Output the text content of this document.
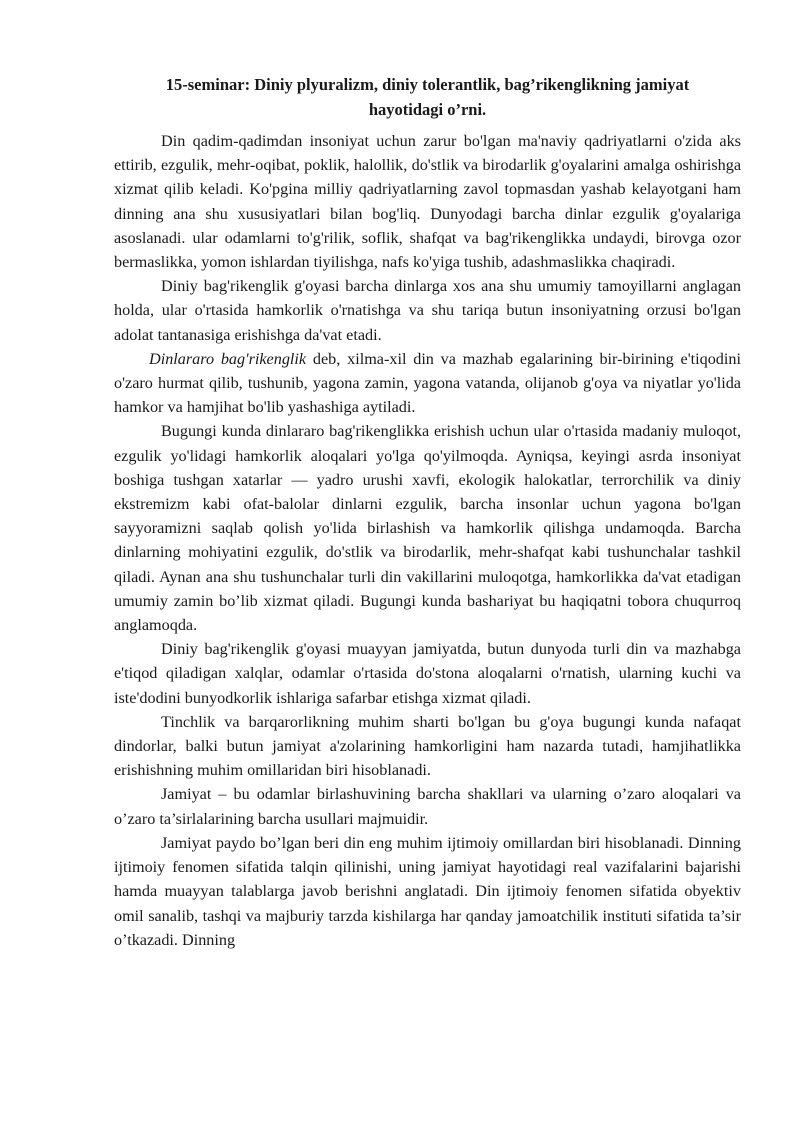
15-seminar: Diniy plyuralizm, diniy tolerantlik, bag’rikenglikning jamiyat
hayotidagi o’rni.

Din qadim-qadimdan insoniyat uchun zarur bo'lgan ma'naviy qadriyatlarni o'zida aks ettirib, ezgulik, mehr-oqibat, poklik, halollik, do'stlik va birodarlik g'oyalarini amalga oshirishga xizmat qilib keladi. Ko'pgina milliy qadriyatlarning zavol topmasdan yashab kelayotgani ham dinning ana shu xususiyatlari bilan bog'liq. Dunyodagi barcha dinlar ezgulik g'oyalariga asoslanadi. ular odamlarni to'g'rilik, soflik, shafqat va bag'rikenglikka undaydi, birovga ozor bermaslikka, yomon ishlardan tiyilishga, nafs ko'yiga tushib, adashmaslikka chaqiradi.

Diniy bag'rikenglik g'oyasi barcha dinlarga xos ana shu umumiy tamoyillarni anglagan holda, ular o'rtasida hamkorlik o'rnatishga va shu tariqa butun insoniyatning orzusi bo'lgan adolat tantanasiga erishishga da'vat etadi.

Dinlararo bag'rikenglik deb, xilma-xil din va mazhab egalarining bir-birining e'tiqodini o'zaro hurmat qilib, tushunib, yagona zamin, yagona vatanda, olijanob g'oya va niyatlar yo'lida hamkor va hamjihat bo'lib yashashiga aytiladi.

Bugungi kunda dinlararo bag'rikenglikka erishish uchun ular o'rtasida madaniy muloqot, ezgulik yo'lidagi hamkorlik aloqalari yo'lga qo'yilmoqda. Ayniqsa, keyingi asrda insoniyat boshiga tushgan xatarlar — yadro urushi xavfi, ekologik halokatlar, terrorchilik va diniy ekstremizm kabi ofat-balolar dinlarni ezgulik, barcha insonlar uchun yagona bo'lgan sayyoramizni saqlab qolish yo'lida birlashish va hamkorlik qilishga undamoqda. Barcha dinlarning mohiyatini ezgulik, do'stlik va birodarlik, mehr-shafqat kabi tushunchalar tashkil qiladi. Aynan ana shu tushunchalar turli din vakillarini muloqotga, hamkorlikka da'vat etadigan umumiy zamin bo’lib xizmat qiladi. Bugungi kunda bashariyat bu haqiqatni tobora chuqurroq anglamoqda.

Diniy bag'rikenglik g'oyasi muayyan jamiyatda, butun dunyoda turli din va mazhabga e'tiqod qiladigan xalqlar, odamlar o'rtasida do'stona aloqalarni o'rnatish, ularning kuchi va iste'dodini bunyodkorlik ishlariga safarbar etishga xizmat qiladi.

Tinchlik va barqarorlikning muhim sharti bo'lgan bu g'oya bugungi kunda nafaqat dindorlar, balki butun jamiyat a'zolarining hamkorligini ham nazarda tutadi, hamjihatlikka erishishning muhim omillaridan biri hisoblanadi.

Jamiyat – bu odamlar birlashuvining barcha shakllari va ularning o’zaro aloqalari va o’zaro ta’sirlalarining barcha usullari majmuidir.

Jamiyat paydo bo’lgan beri din eng muhim ijtimoiy omillardan biri hisoblanadi. Dinning ijtimoiy fenomen sifatida talqin qilinishi, uning jamiyat hayotidagi real vazifalarini bajarishi hamda muayyan talablarga javob berishni anglatadi. Din ijtimoiy fenomen sifatida obyektiv omil sanalib, tashqi va majburiy tarzda kishilarga har qanday jamoatchilik instituti sifatida ta’sir o’tkazadi. Dinning
